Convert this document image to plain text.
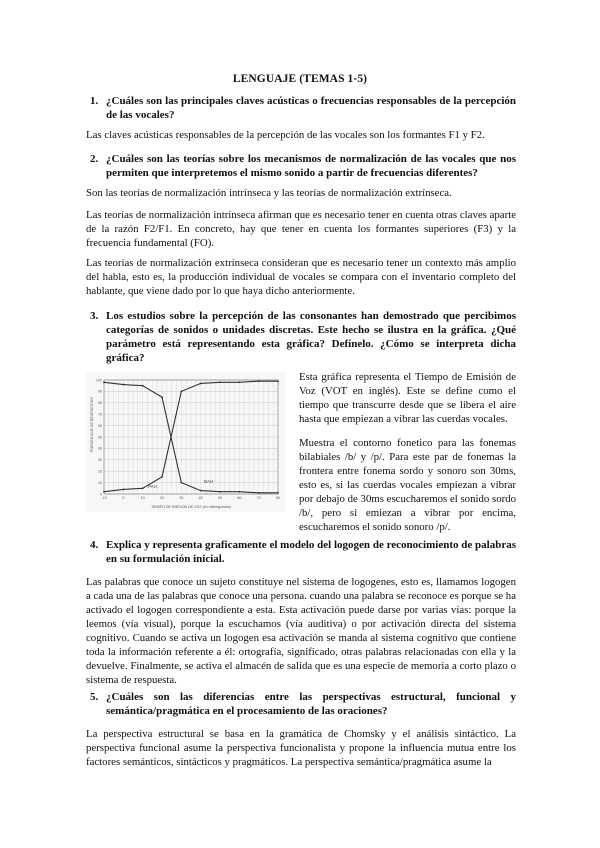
LENGUAJE (TEMAS 1-5)
1. ¿Cuáles son las principales claves acústicas o frecuencias responsables de la percepción de las vocales?
Las claves acústicas responsables de la percepción de las vocales son los formantes F1 y F2.
2. ¿Cuáles son las teorías sobre los mecanismos de normalización de las vocales que nos permiten que interpretemos el mismo sonido a partir de frecuencias diferentes?
Son las teorías de normalización intrínseca y las teorías de normalización extrínseca.
Las teorías de normalización intrínseca afirman que es necesario tener en cuenta otras claves aparte de la razón F2/F1. En concreto, hay que tener en cuenta los formantes superiores (F3) y la frecuencia fundamental (FO).
Las teorías de normalización extrínseca consideran que es necesario tener un contexto más amplio del habla, esto es, la producción individual de vocales se compara con el inventario completo del hablante, que viene dado por lo que haya dicho anteriormente.
3. Los estudios sobre la percepción de las consonantes han demostrado que percibimos categorías de sonidos o unidades discretas. Este hecho se ilustra en la gráfica. ¿Qué parámetro está representando esta gráfica? Defínelo. ¿Cómo se interpreta dicha gráfica?
0
10
20
30
40
50
60
70
80
90
100
-10	0	10	20	30	40	50	60	70	80
PORCENTAJE DE RESPUESTAS
TIEMPO DE EMISION DE VOZ (en milisegundos)
PAH
BAH
Esta gráfica representa el Tiempo de Emisión de Voz (VOT en inglés). Este se define como el tiempo que transcurre desde que se libera el aire hasta que empiezan a vibrar las cuerdas vocales.
Muestra el contorno fonetico para las fonemas bilabiales /b/ y /p/. Para este par de fonemas la frontera entre fonema sordo y sonoro son 30ms, esto es, si las cuerdas vocales empiezan a vibrar por debajo de 30ms escucharemos el sonido sordo /b/, pero si emiezan a vibrar por encima, escucharemos el sonido sonoro /p/.
4. Explica y representa graficamente el modelo del logogen de reconocimiento de palabras en su formulación inicial.
Las palabras que conoce un sujeto constituye nel sistema de logogenes, esto es, llamamos logogen a cada una de las palabras que conoce una persona. cuando una palabra se reconoce es porque se ha activado el logogen correspondiente a esta. Esta activación puede darse por varias vías: porque la leemos (vía visual), porque la escuchamos (vía auditiva) o por activación directa del sistema cognitivo. Cuando se activa un logogen esa activación se manda al sistema cognitivo que contiene toda la información referente a él: ortografía, significado, otras palabras relacionadas con ella y la devuelve. Finalmente, se activa el almacén de salida que es una especie de memoria a corto plazo o sistema de respuesta.
5. ¿Cuáles son las diferencias entre las perspectivas estructural, funcional y semántica/pragmática en el procesamiento de las oraciones?
La perspectiva estructural se basa en la gramática de Chomsky y el análisis sintáctico. La perspectiva funcional asume la perspectiva funcionalista y propone la influencia mutua entre los factores semánticos, sintácticos y pragmáticos. La perspectiva semántica/pragmática asume la
